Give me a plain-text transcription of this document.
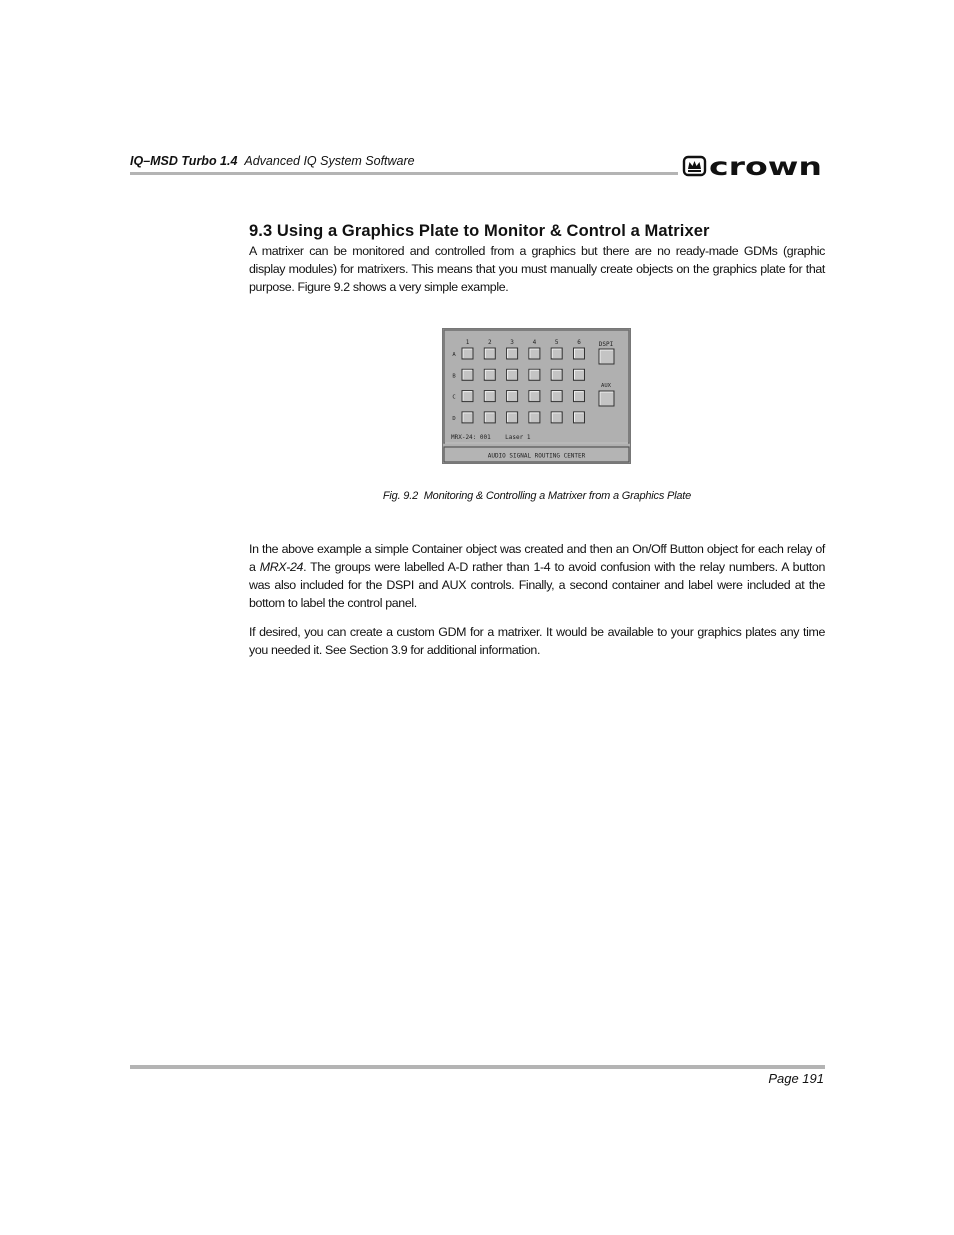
IQ–MSD Turbo 1.4 Advanced IQ System Software	crown
9.3 Using a Graphics Plate to Monitor & Control a Matrixer
A matrixer can be monitored and controlled from a graphics but there are no ready-made GDMs (graphic display modules) for matrixers. This means that you must manually create objects on the graphics plate for that purpose. Figure 9.2 shows a very simple example.
1	2	3	4	5	6
A
B
C
D
DSPI
AUX
MRX-24: 001    Laser 1
AUDIO SIGNAL ROUTING CENTER
Fig. 9.2  Monitoring & Controlling a Matrixer from a Graphics Plate
In the above example a simple Container object was created and then an On/Off Button object for each relay of a MRX-24. The groups were labelled A-D rather than 1-4 to avoid confusion with the relay numbers. A button was also included for the DSPI and AUX controls. Finally, a second container and label were included at the bottom to label the control panel.
If desired, you can create a custom GDM for a matrixer. It would be available to your graphics plates any time you needed it. See Section 3.9 for additional information.
Page 191
